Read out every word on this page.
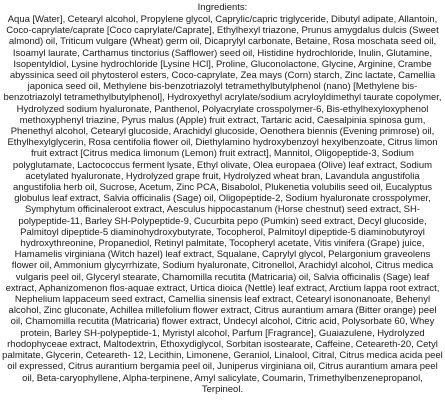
Ingredients:

Aqua [Water], Cetearyl alcohol, Propylene glycol, Caprylic/capric triglyceride, Dibutyl adipate, Allantoin, Coco-caprylate/caprate [Coco caprylate/Caprate], Ethylhexyl triazone, Prunus amygdalus dulcis (Sweet almond) oil, Triticum vulgare (Wheat) germ oil, Dicaprylyl carbonate, Betaine, Rosa moschata seed oil, Isoamyl laurate, Carthamus tinctorius (Safflower) seed oil, Histidine hydrochloride, Inulin, Glutamine, Isopentyldiol, Lysine hydrochloride [Lysine HCl], Proline, Gluconolactone, Glycine, Arginine, Crambe abyssinica seed oil phytosterol esters, Coco-caprylate, Zea mays (Corn) starch, Zinc lactate, Camellia japonica seed oil, Methylene bis-benzotriazolyl tetramethylbutylphenol (nano) [Methylene bis-benzotriazolyl tetramethylbutylphenol], Hydroxyethyl acrylate/sodium acryloyldimethyl taurate copolymer, Hydrolyzed sodium hyaluronate, Panthenol, Polyacrylate crosspolymer-6, Bis-ethylhexyloxyphenol methoxyphenyl triazine, Pyrus malus (Apple) fruit extract, Tartaric acid, Caesalpinia spinosa gum, Phenethyl alcohol, Cetearyl glucoside, Arachidyl glucoside, Oenothera biennis (Evening primrose) oil, Ethylhexylglycerin, Rosa centifolia flower oil, Diethylamino hydroxybenzoyl hexylbenzoate, Citrus limon fruit extract [Citrus medica limonum (Lemon) fruit extract], Mannitol, Oligopeptide-3, Sodium polyglutamate, Lactococcus ferment lysate, Ethyl olivate, Olea europaea (Olive) leaf extract, Sodium acetylated hyaluronate, Hydrolyzed grape fruit, Hydrolyzed wheat bran, Lavandula angustifolia angustifolia herb oil, Sucrose, Acetum, Zinc PCA, Bisabolol, Plukenetia volubilis seed oil, Eucalyptus globulus leaf extract, Salvia officinalis (Sage) oil, Oligopeptide-2, Sodium hyaluronate crosspolymer, Symphytum officinaleroot extract, Aesculus hippocastanum (Horse chestnut) seed extract, SH-polypeptide-11, Barley SH-Polypeptide-9, Cucurbita pepo (Pumkin) seed extract, Decyl glucoside, Palmitoyl dipeptide-5 diaminohydroxybutyrate, Tocopherol, Palmitoyl dipeptide-5 diaminobutyroyl hydroxythreonine, Propanediol, Retinyl palmitate, Tocopheryl acetate, Vitis vinifera (Grape) juice, Hamamelis virginiana (Witch hazel) leaf extract, Squalane, Caprylyl glycol, Pelargonium graveolens flower oil, Ammonium glycyrrhizate, Sodium hyaluronate, Citronellol, Arachidyl alcohol, Citrus medica vulgaris peel oil, Glyceryl stearate, Chamomilla recutita (Matricaria) oil, Salvia officinalis (Sage) leaf extract, Aphanizomenon flos-aquae extract, Urtica dioica (Nettle) leaf extract, Arctium lappa root extract, Nephelium lappaceum seed extract, Camellia sinensis leaf extract, Cetearyl isononanoate, Behenyl alcohol, Zinc gluconate, Achillea millefolium flower extract, Citrus aurantium amara (Bitter orange) peel oil, Chamomilla recutita (Matricaria) flower extract, Undecyl alcohol, Citric acid, Polysorbate 60, Whey protein, Barley SH-polypeptide-1, Myristyl alcohol, Parfum [Fragrance], Guaiazulene, Hydrolyzed rhodophyceae extract, Maltodextrin, Ethoxydiglycol, Sorbitan isostearate, Caffeine, Ceteareth-20, Cetyl palmitate, Glycerin, Ceteareth- 12, Lecithin, Limonene, Geraniol, Linalool, Citral, Citrus medica acida peel oil expressed, Citrus aurantium bergamia peel oil, Juniperus virginiana oil, Citrus aurantium amara peel oil, Beta-caryophyllene, Alpha-terpinene, Amyl salicylate, Coumarin, Trimethylbenzenepropanol, Terpineol.
